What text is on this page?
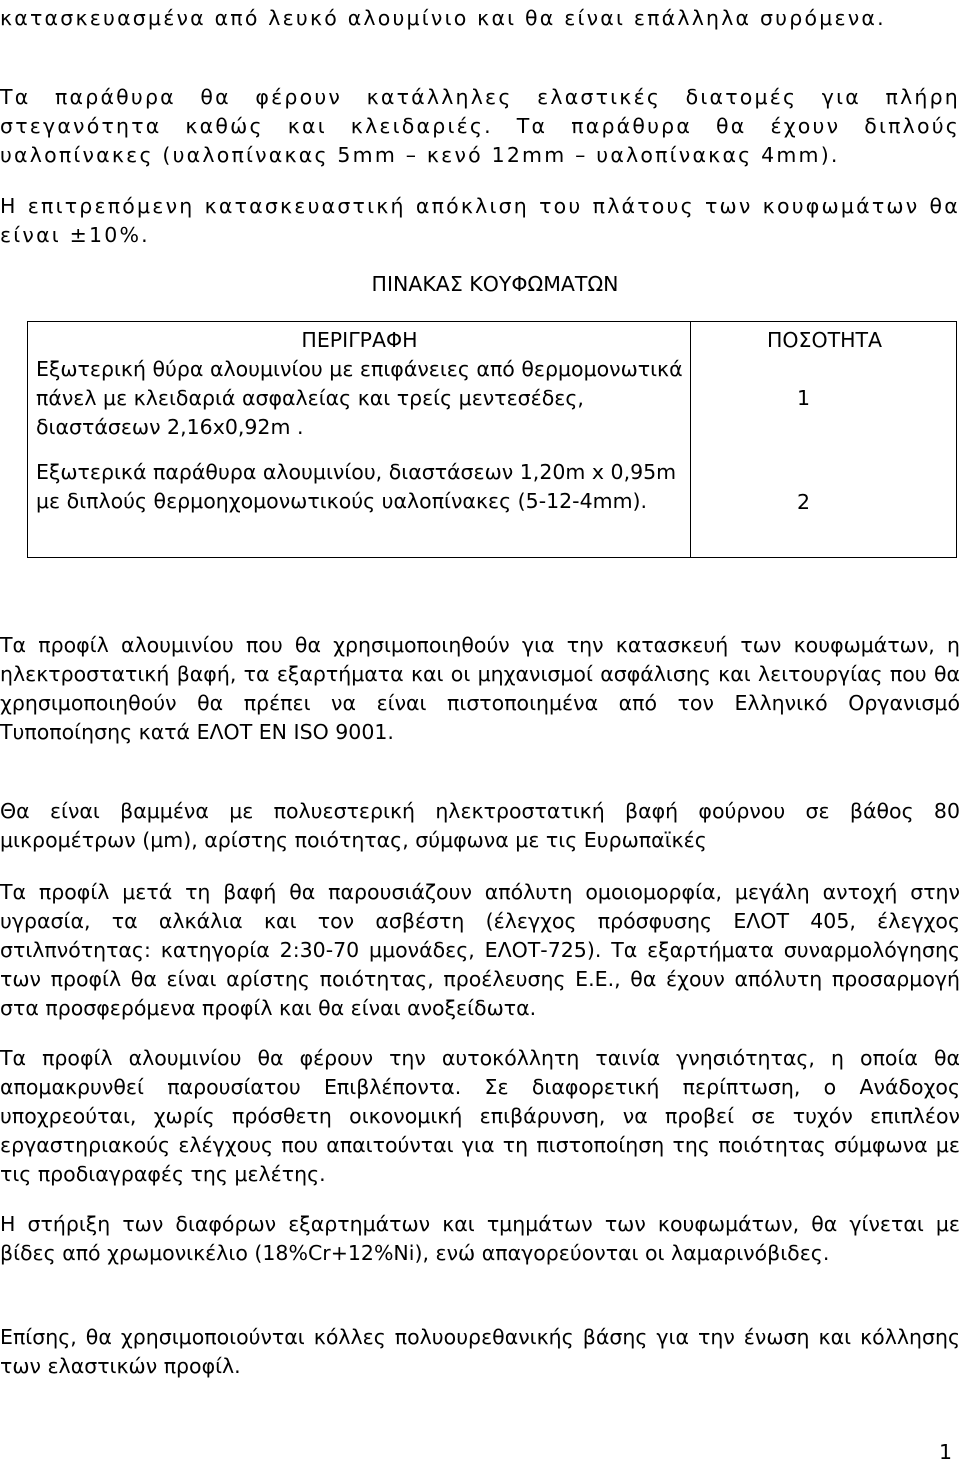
κατασκευασμένα από λευκό αλουμίνιο και θα είναι επάλληλα συρόμενα.

Τα παράθυρα θα φέρουν κατάλληλες ελαστικές διατομές για πλήρη στεγανότητα καθώς και κλειδαριές. Τα παράθυρα θα έχουν διπλούς υαλοπίνακες (υαλοπίνακας 5mm – κενό 12mm – υαλοπίνακας 4mm).

Η επιτρεπόμενη κατασκευαστική απόκλιση του πλάτους των κουφωμάτων θα είναι ±10%.

ΠΙΝΑΚΑΣ ΚΟΥΦΩΜΑΤΩΝ
ΠΕΡΙΓΡΑΦΗ	ΠΟΣΟΤΗΤΑ
Εξωτερική θύρα αλουμινίου με επιφάνειες από θερμομονωτικά πάνελ με κλειδαριά ασφαλείας και τρείς μεντεσέδες, διαστάσεων 2,16x0,92m .
1
Εξωτερικά παράθυρα αλουμινίου, διαστάσεων 1,20m x 0,95m με διπλούς θερμοηχομονωτικούς υαλοπίνακες (5-12-4mm).	2

Τα προφίλ αλουμινίου που θα χρησιμοποιηθούν για την κατασκευή των κουφωμάτων, η ηλεκτροστατική βαφή, τα εξαρτήματα και οι μηχανισμοί ασφάλισης και λειτουργίας που θα χρησιμοποιηθούν θα πρέπει να είναι πιστοποιημένα από τον Ελληνικό Οργανισμό Τυποποίησης κατά ΕΛΟΤ ΕΝ ISO 9001.

Θα είναι βαμμένα με πολυεστερική ηλεκτροστατική βαφή φούρνου σε βάθος 80 μικρομέτρων (μm), αρίστης ποιότητας, σύμφωνα με τις Ευρωπαϊκές

Τα προφίλ μετά τη βαφή θα παρουσιάζουν απόλυτη ομοιομορφία, μεγάλη αντοχή στην υγρασία, τα αλκάλια και τον ασβέστη (έλεγχος πρόσφυσης ΕΛΟΤ 405, έλεγχος στιλπνότητας: κατηγορία 2:30-70 μμονάδες, ΕΛΟΤ-725). Τα εξαρτήματα συναρμολόγησης των προφίλ θα είναι αρίστης ποιότητας, προέλευσης Ε.Ε., θα έχουν απόλυτη προσαρμογή στα προσφερόμενα προφίλ και θα είναι ανοξείδωτα.

Τα προφίλ αλουμινίου θα φέρουν την αυτοκόλλητη ταινία γνησιότητας, η οποία θα απομακρυνθεί παρουσίατου Επιβλέποντα. Σε διαφορετική περίπτωση, ο Ανάδοχος υποχρεούται, χωρίς πρόσθετη οικονομική επιβάρυνση, να προβεί σε τυχόν επιπλέον εργαστηριακούς ελέγχους που απαιτούνται για τη πιστοποίηση της ποιότητας σύμφωνα με τις προδιαγραφές της μελέτης.

Η στήριξη των διαφόρων εξαρτημάτων και τμημάτων των κουφωμάτων, θα γίνεται με βίδες από χρωμονικέλιο (18%Cr+12%Ni), ενώ απαγορεύονται οι λαμαρινόβιδες.

Επίσης, θα χρησιμοποιούνται κόλλες πολυουρεθανικής βάσης για την ένωση και κόλλησης των ελαστικών προφίλ.

1
